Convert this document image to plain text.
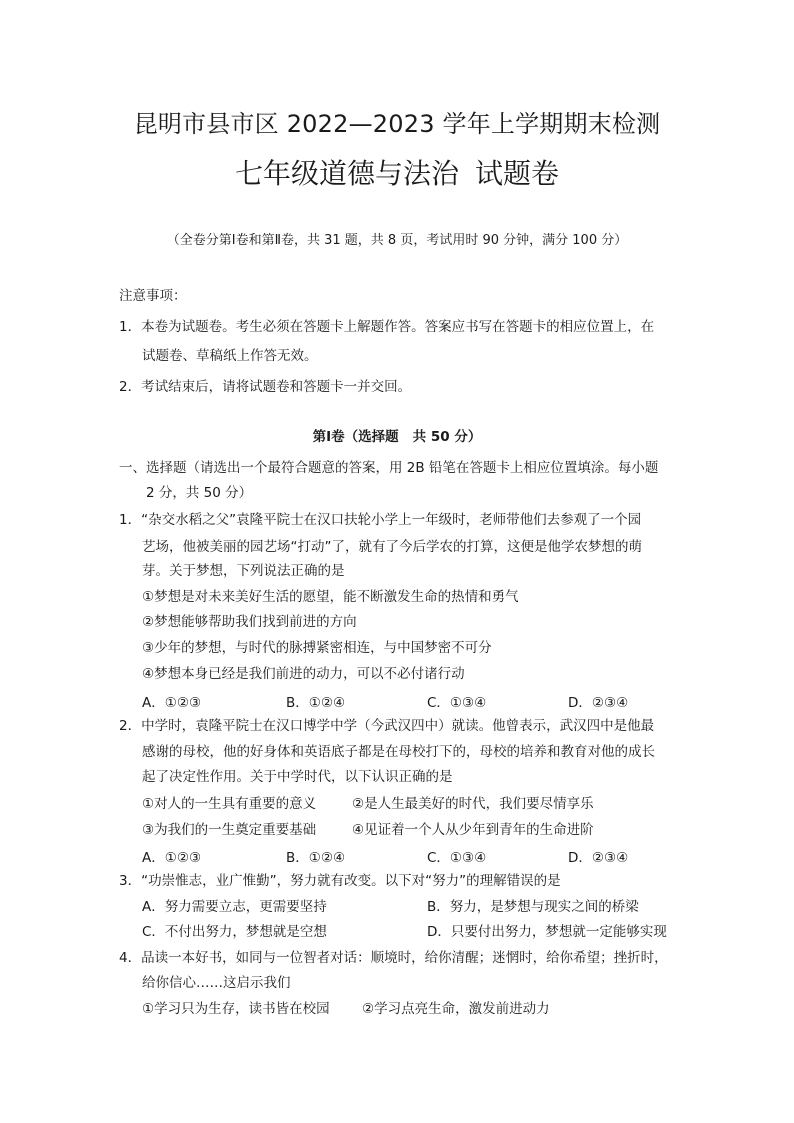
昆明市县市区 2022—2023 学年上学期期末检测
七年级道德与法治 试题卷
（全卷分第Ⅰ卷和第Ⅱ卷，共 31 题，共 8 页，考试用时 90 分钟，满分 100 分）
注意事项：
1．本卷为试题卷。考生必须在答题卡上解题作答。答案应书写在答题卡的相应位置上，在
试题卷、草稿纸上作答无效。
2．考试结束后，请将试题卷和答题卡一并交回。
第Ⅰ卷（选择题 共 50 分）
一、选择题（请选出一个最符合题意的答案，用 2B 铅笔在答题卡上相应位置填涂。每小题
2 分，共 50 分）
1．“杂交水稻之父”袁隆平院士在汉口扶轮小学上一年级时，老师带他们去参观了一个园
艺场，他被美丽的园艺场“打动”了，就有了今后学农的打算，这便是他学农梦想的萌
芽。关于梦想，下列说法正确的是
①梦想是对未来美好生活的愿望，能不断激发生命的热情和勇气
②梦想能够帮助我们找到前进的方向
③少年的梦想，与时代的脉搏紧密相连，与中国梦密不可分
④梦想本身已经是我们前进的动力，可以不必付诸行动
A．①②③	B．①②④	C．①③④	D．②③④
2．中学时，袁隆平院士在汉口博学中学（今武汉四中）就读。他曾表示，武汉四中是他最
感谢的母校，他的好身体和英语底子都是在母校打下的，母校的培养和教育对他的成长
起了决定性作用。关于中学时代，以下认识正确的是
①对人的一生具有重要的意义	②是人生最美好的时代，我们要尽情享乐
③为我们的一生奠定重要基础	④见证着一个人从少年到青年的生命进阶
A．①②③	B．①②④	C．①③④	D．②③④
3．“功崇惟志，业广惟勤”，努力就有改变。以下对“努力”的理解错误的是
A．努力需要立志，更需要坚持	B．努力，是梦想与现实之间的桥梁
C．不付出努力，梦想就是空想	D．只要付出努力，梦想就一定能够实现
4．品读一本好书，如同与一位智者对话：顺境时，给你清醒；迷惘时，给你希望；挫折时，
给你信心……这启示我们
①学习只为生存，读书皆在校园 ②学习点亮生命，激发前进动力
